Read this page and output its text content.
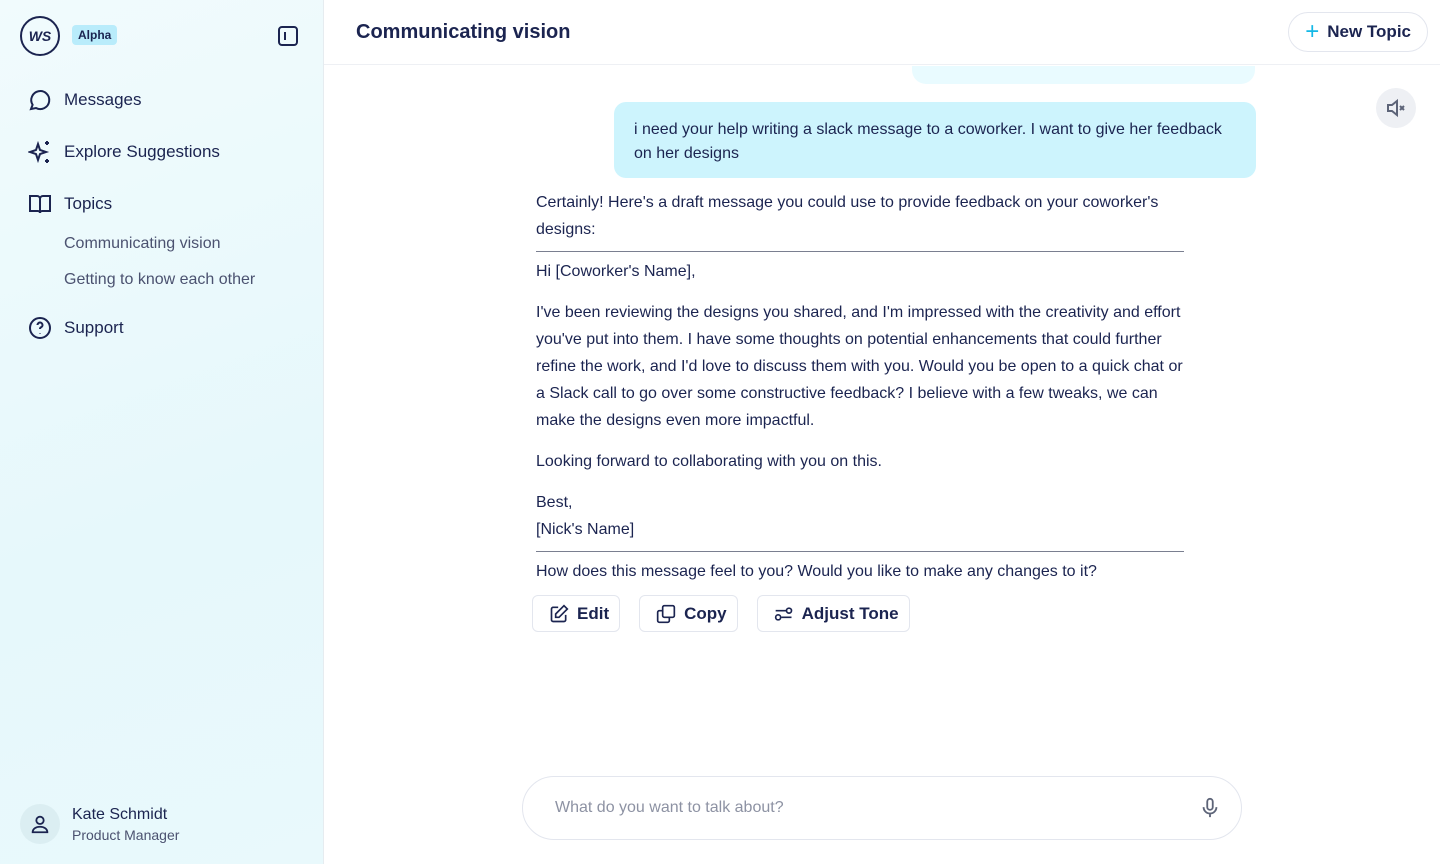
WS	Alpha
Messages
Explore Suggestions
Topics
Communicating vision
Getting to know each other
Support
Kate Schmidt
Product Manager
Communicating vision	+ New Topic
i need your help writing a slack message to a coworker. I want to give her feedback on her designs

Certainly! Here's a draft message you could use to provide feedback on your coworker's designs:

Hi [Coworker's Name],

I've been reviewing the designs you shared, and I'm impressed with the creativity and effort you've put into them. I have some thoughts on potential enhancements that could further refine the work, and I'd love to discuss them with you. Would you be open to a quick chat or a Slack call to go over some constructive feedback? I believe with a few tweaks, we can make the designs even more impactful.

Looking forward to collaborating with you on this.

Best,
[Nick's Name]

How does this message feel to you? Would you like to make any changes to it?

Edit	Copy	Adjust Tone
What do you want to talk about?
